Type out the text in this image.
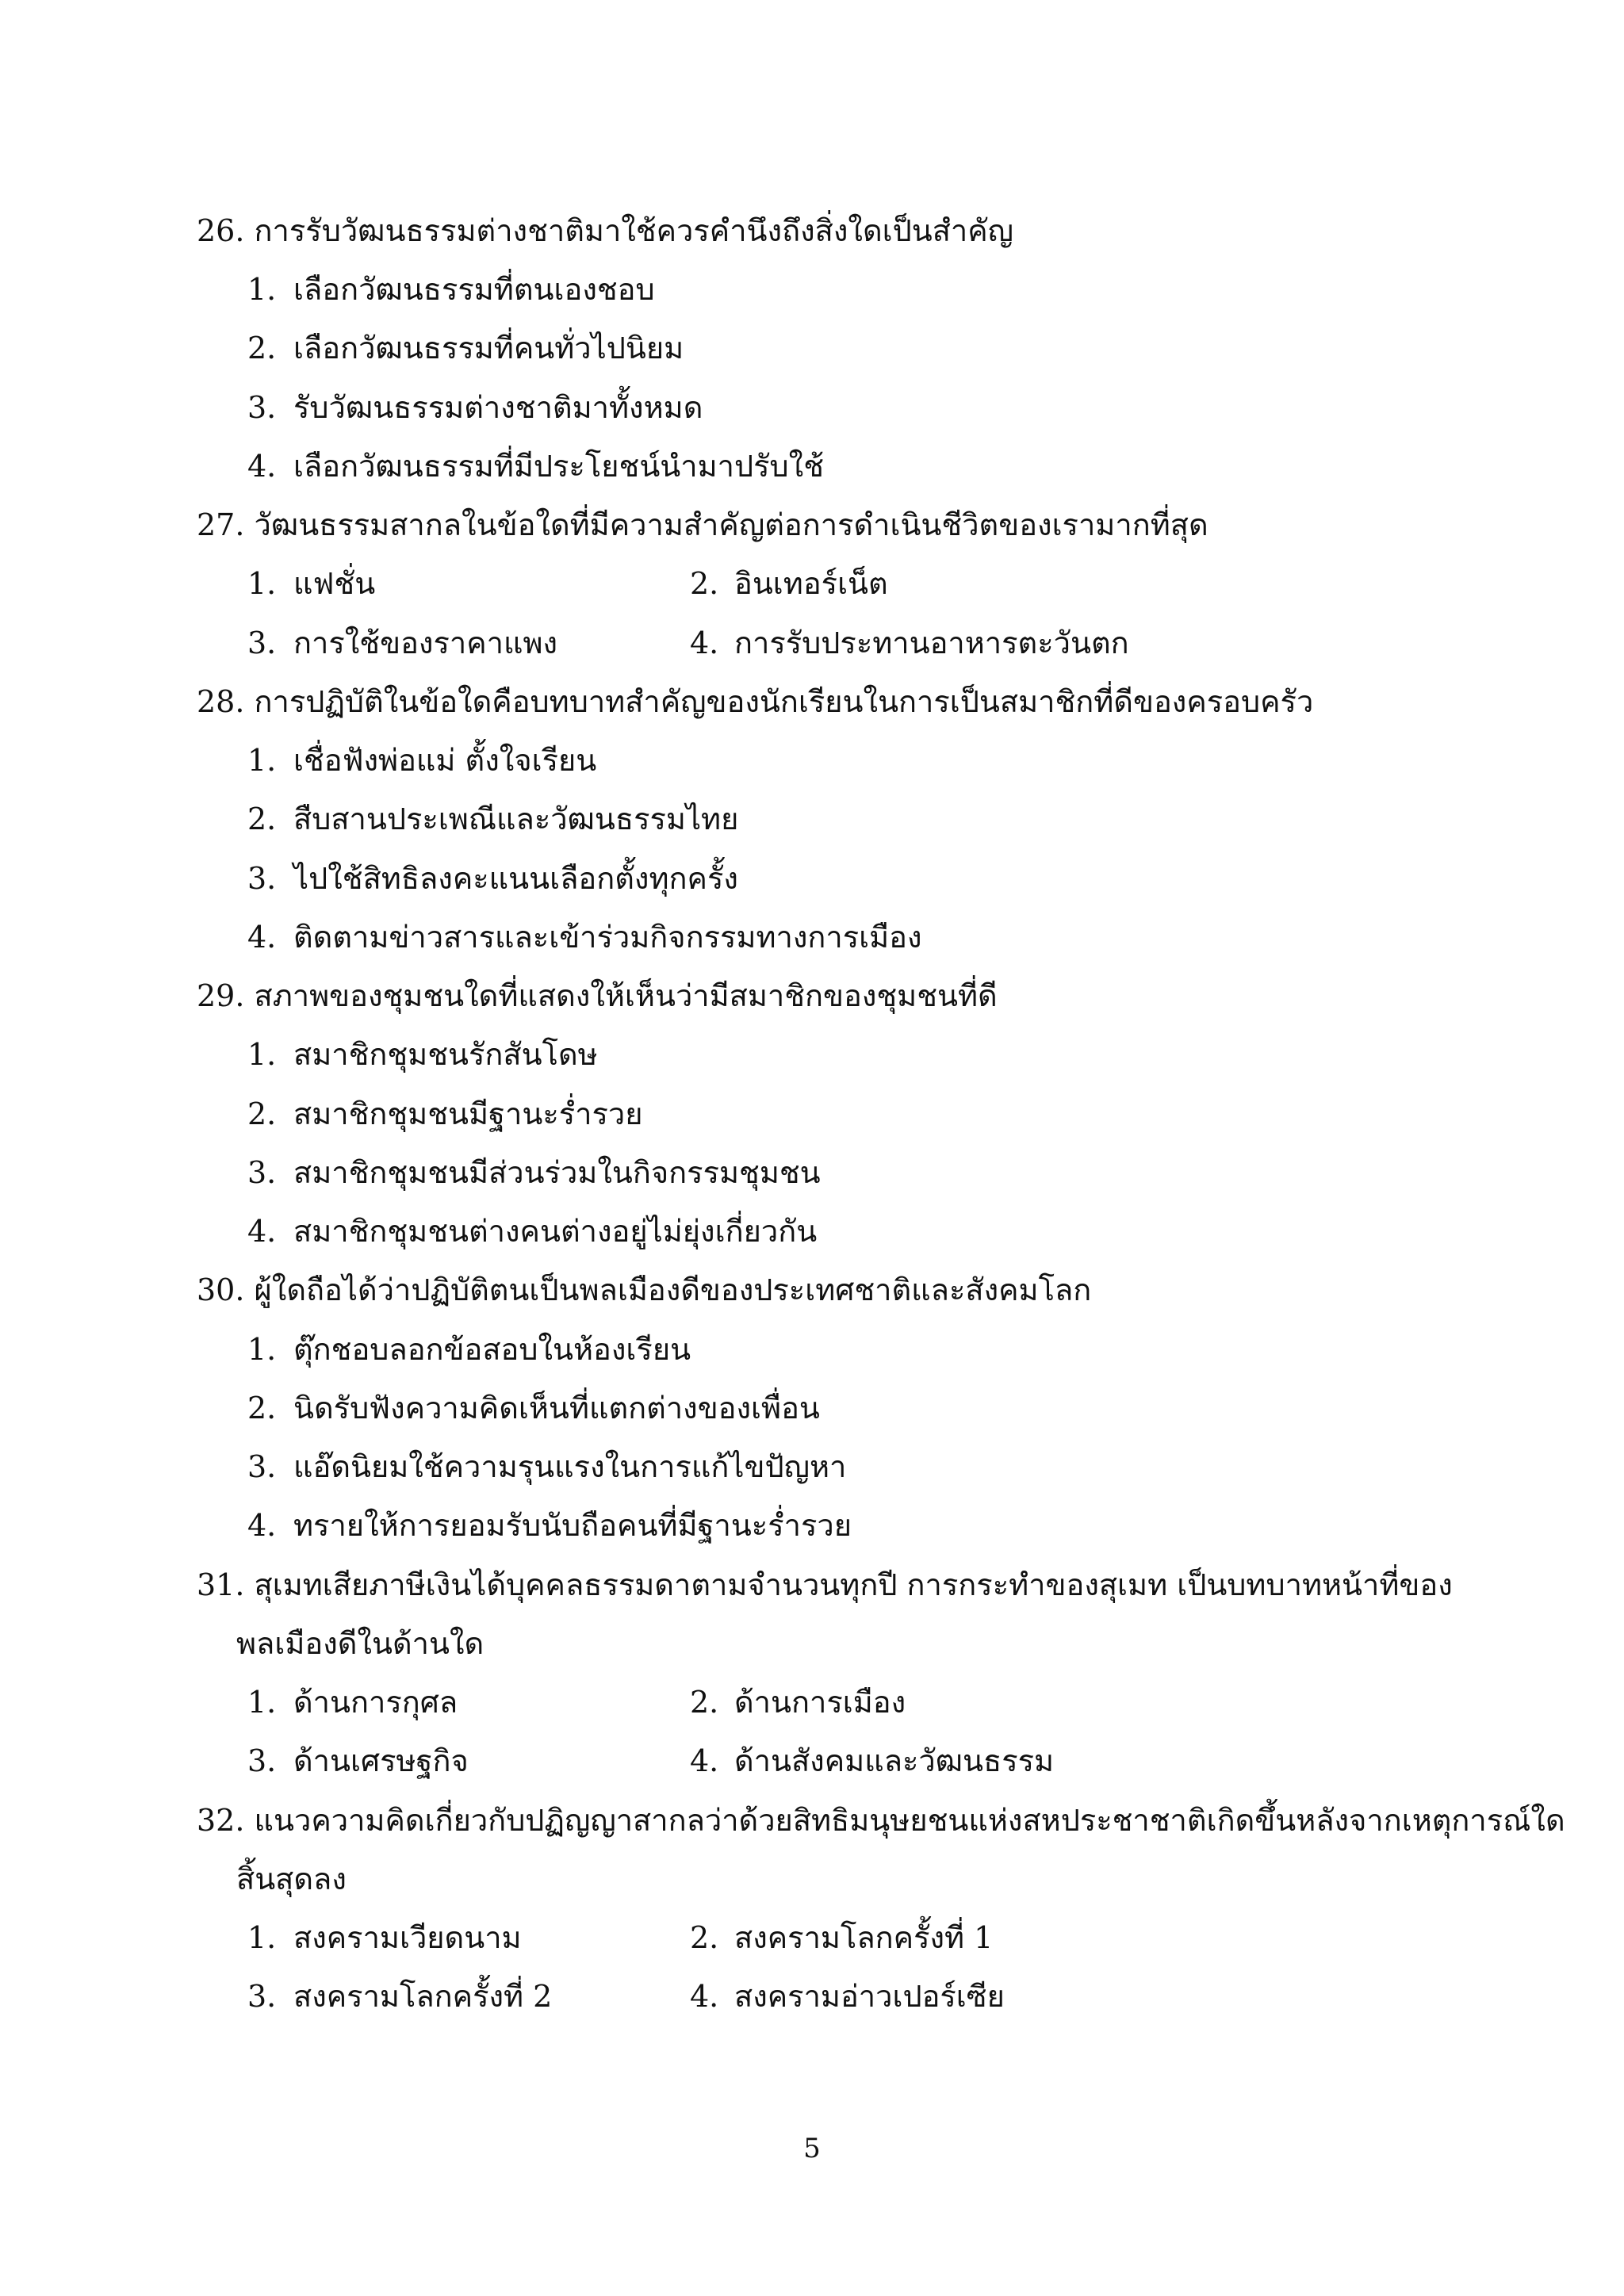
26. การรับวัฒนธรรมต่างชาติมาใช้ควรคำนึงถึงสิ่งใดเป็นสำคัญ
1. เลือกวัฒนธรรมที่ตนเองชอบ
2. เลือกวัฒนธรรมที่คนทั่วไปนิยม
3. รับวัฒนธรรมต่างชาติมาทั้งหมด
4. เลือกวัฒนธรรมที่มีประโยชน์นำมาปรับใช้
27. วัฒนธรรมสากลในข้อใดที่มีความสำคัญต่อการดำเนินชีวิตของเรามากที่สุด
1. แฟชั่น	2. อินเทอร์เน็ต
3. การใช้ของราคาแพง	4. การรับประทานอาหารตะวันตก
28. การปฏิบัติในข้อใดคือบทบาทสำคัญของนักเรียนในการเป็นสมาชิกที่ดีของครอบครัว
1. เชื่อฟังพ่อแม่ ตั้งใจเรียน
2. สืบสานประเพณีและวัฒนธรรมไทย
3. ไปใช้สิทธิลงคะแนนเลือกตั้งทุกครั้ง
4. ติดตามข่าวสารและเข้าร่วมกิจกรรมทางการเมือง
29. สภาพของชุมชนใดที่แสดงให้เห็นว่ามีสมาชิกของชุมชนที่ดี
1. สมาชิกชุมชนรักสันโดษ
2. สมาชิกชุมชนมีฐานะร่ำรวย
3. สมาชิกชุมชนมีส่วนร่วมในกิจกรรมชุมชน
4. สมาชิกชุมชนต่างคนต่างอยู่ไม่ยุ่งเกี่ยวกัน
30. ผู้ใดถือได้ว่าปฏิบัติตนเป็นพลเมืองดีของประเทศชาติและสังคมโลก
1. ตุ๊กชอบลอกข้อสอบในห้องเรียน
2. นิดรับฟังความคิดเห็นที่แตกต่างของเพื่อน
3. แอ๊ดนิยมใช้ความรุนแรงในการแก้ไขปัญหา
4. ทรายให้การยอมรับนับถือคนที่มีฐานะร่ำรวย
31. สุเมทเสียภาษีเงินได้บุคคลธรรมดาตามจำนวนทุกปี การกระทำของสุเมท เป็นบทบาทหน้าที่ของ
พลเมืองดีในด้านใด
1. ด้านการกุศล	2. ด้านการเมือง
3. ด้านเศรษฐกิจ	4. ด้านสังคมและวัฒนธรรม
32. แนวความคิดเกี่ยวกับปฏิญญาสากลว่าด้วยสิทธิมนุษยชนแห่งสหประชาชาติเกิดขึ้นหลังจากเหตุการณ์ใด
สิ้นสุดลง
1. สงครามเวียดนาม	2. สงครามโลกครั้งที่ 1
3. สงครามโลกครั้งที่ 2	4. สงครามอ่าวเปอร์เซีย
5
